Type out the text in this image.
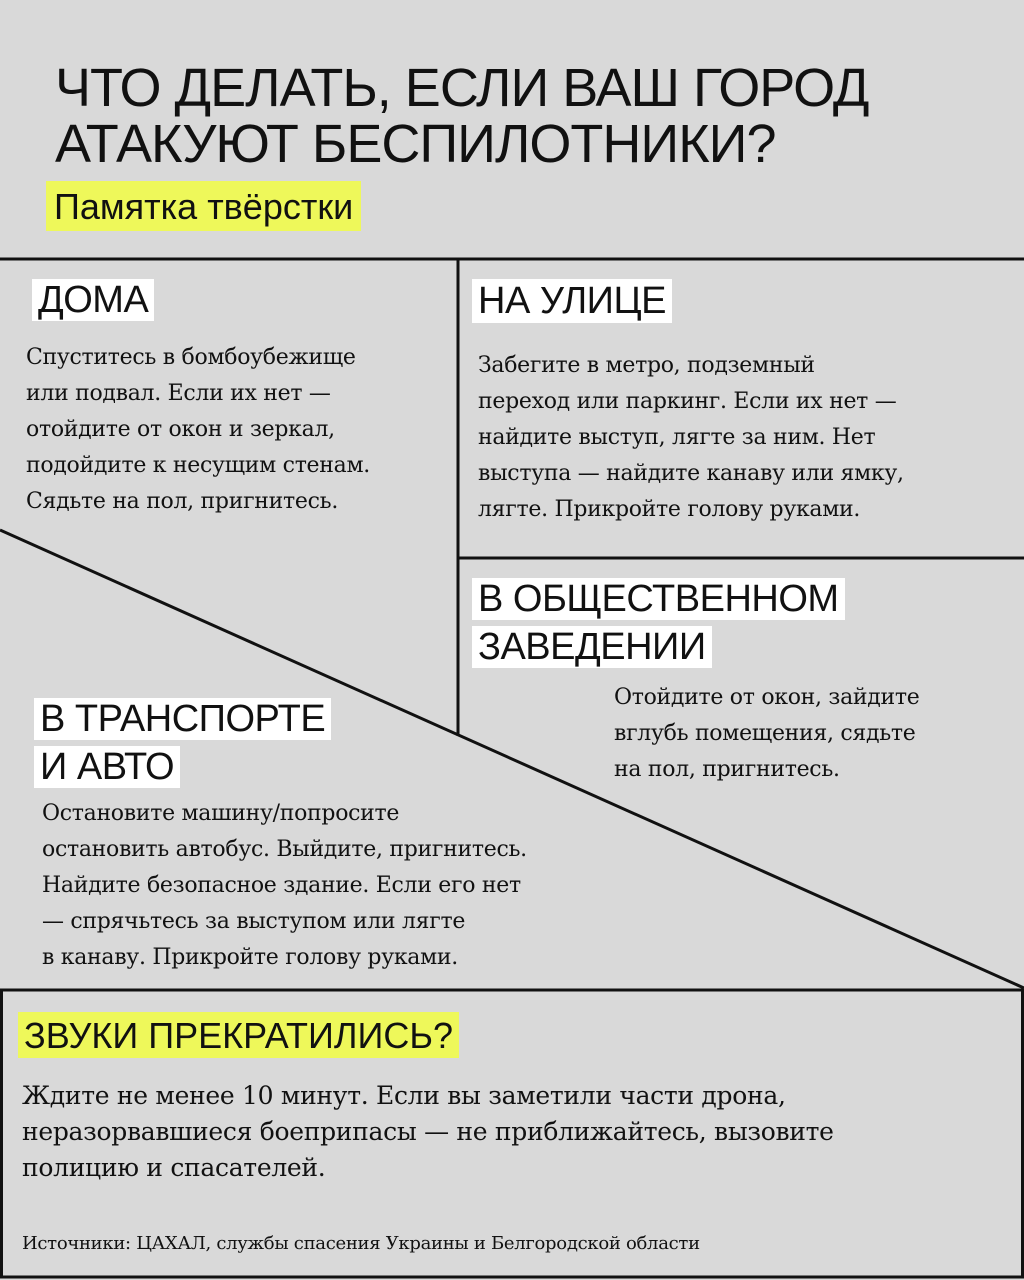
ЧТО ДЕЛАТЬ, ЕСЛИ ВАШ ГОРОД
АТАКУЮТ БЕСПИЛОТНИКИ?
Памятка твёрстки
ДОМА
Спуститесь в бомбоубежище
или подвал. Если их нет —
отойдите от окон и зеркал,
подойдите к несущим стенам.
Сядьте на пол, пригнитесь.
НА УЛИЦЕ
Забегите в метро, подземный
переход или паркинг. Если их нет —
найдите выступ, лягте за ним. Нет
выступа — найдите канаву или ямку,
лягте. Прикройте голову руками.
В ОБЩЕСТВЕННОМ
ЗАВЕДЕНИИ
Отойдите от окон, зайдите
вглубь помещения, сядьте
на пол, пригнитесь.
В ТРАНСПОРТЕ
И АВТО
Остановите машину/попросите
остановить автобус. Выйдите, пригнитесь.
Найдите безопасное здание. Если его нет
— спрячьтесь за выступом или лягте
в канаву. Прикройте голову руками.
ЗВУКИ ПРЕКРАТИЛИСЬ?
Ждите не менее 10 минут. Если вы заметили части дрона,
неразорвавшиеся боеприпасы — не приближайтесь, вызовите
полицию и спасателей.
Источники: ЦАХАЛ, службы спасения Украины и Белгородской области
